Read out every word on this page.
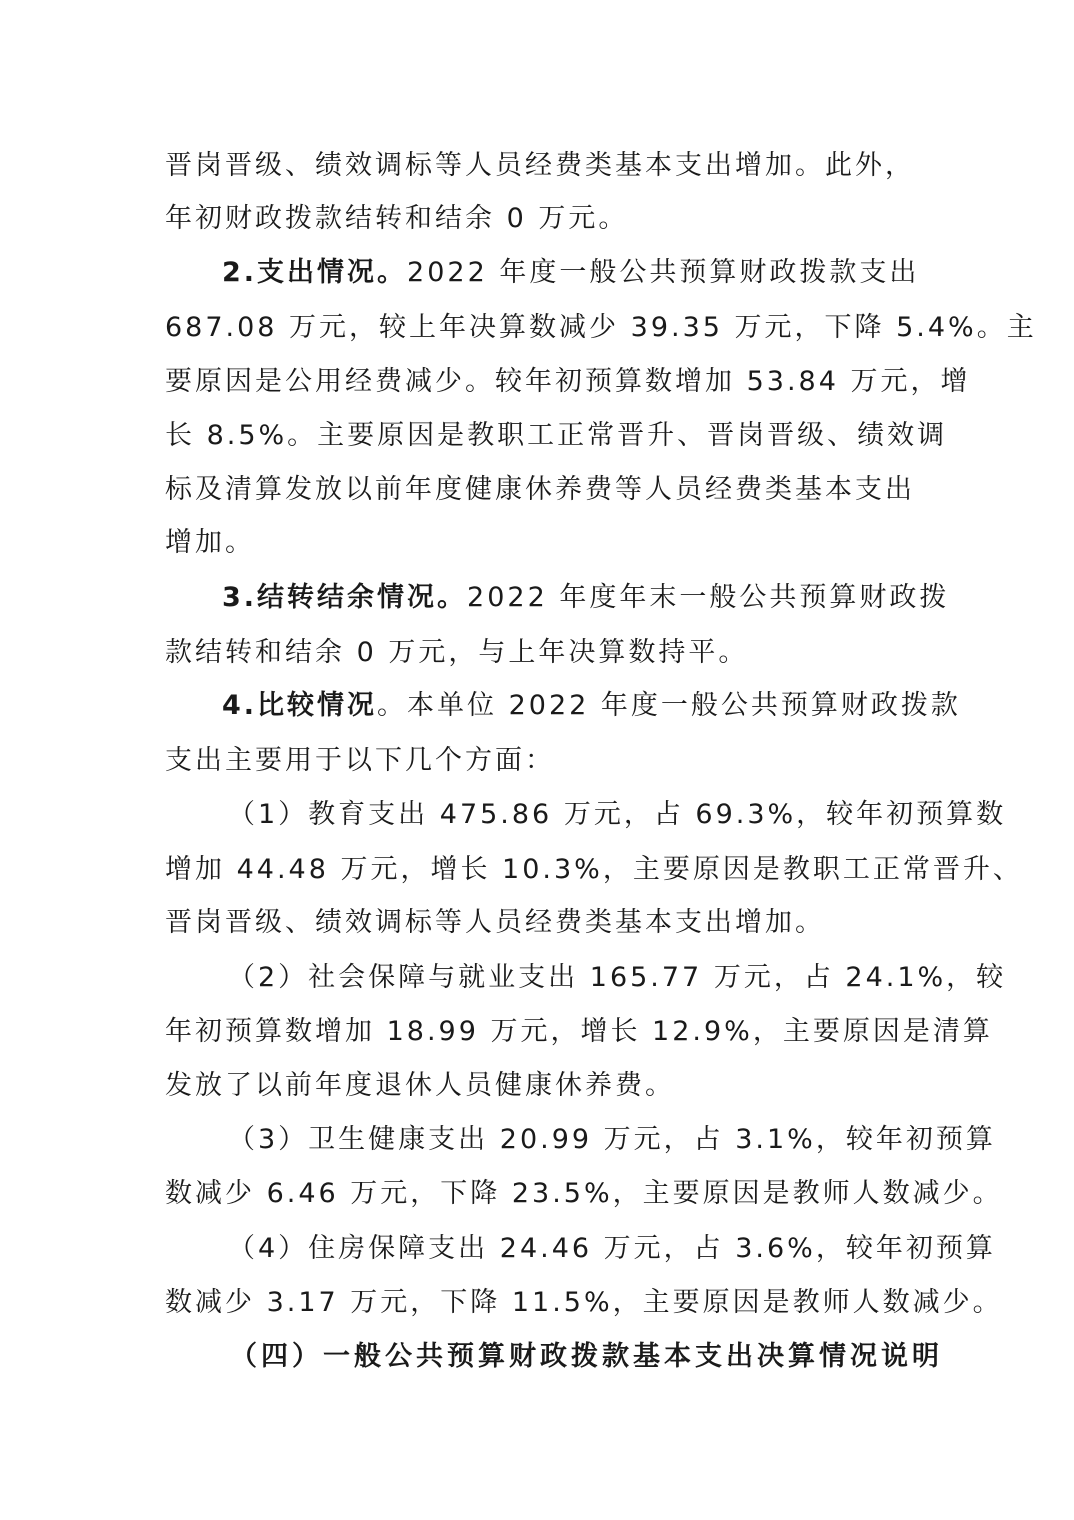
晋岗晋级、绩效调标等人员经费类基本支出增加。此外，
年初财政拨款结转和结余 0 万元。
2.支出情况。2022 年度一般公共预算财政拨款支出
687.08 万元，较上年决算数减少 39.35 万元，下降 5.4%。主
要原因是公用经费减少。较年初预算数增加 53.84 万元，增
长 8.5%。主要原因是教职工正常晋升、晋岗晋级、绩效调
标及清算发放以前年度健康休养费等人员经费类基本支出
增加。
3.结转结余情况。2022 年度年末一般公共预算财政拨
款结转和结余 0 万元，与上年决算数持平。
4.比较情况。本单位 2022 年度一般公共预算财政拨款
支出主要用于以下几个方面：
（1）教育支出 475.86 万元，占 69.3%，较年初预算数
增加 44.48 万元，增长 10.3%，主要原因是教职工正常晋升、
晋岗晋级、绩效调标等人员经费类基本支出增加。
（2）社会保障与就业支出 165.77 万元，占 24.1%，较
年初预算数增加 18.99 万元，增长 12.9%，主要原因是清算
发放了以前年度退休人员健康休养费。
（3）卫生健康支出 20.99 万元，占 3.1%，较年初预算
数减少 6.46 万元，下降 23.5%，主要原因是教师人数减少。
（4）住房保障支出 24.46 万元，占 3.6%，较年初预算
数减少 3.17 万元，下降 11.5%，主要原因是教师人数减少。
（四）一般公共预算财政拨款基本支出决算情况说明
